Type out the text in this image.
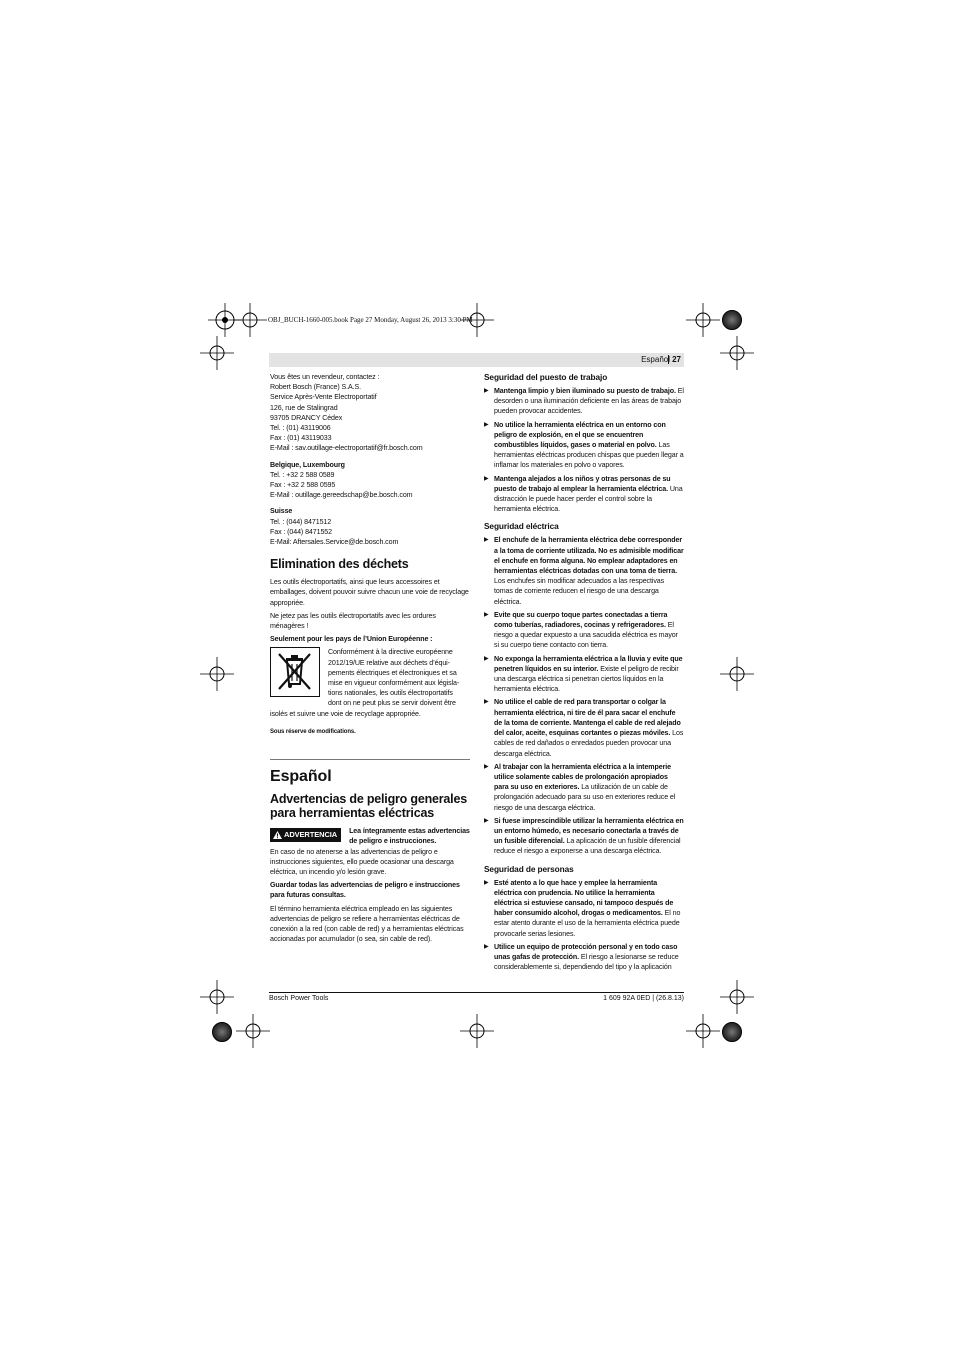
OBJ_BUCH-1660-005.book Page 27 Monday, August 26, 2013 3:30 PM
Español 27
Vous êtes un revendeur, contactez :
Robert Bosch (France) S.A.S.
Service Après-Vente Electroportatif
126, rue de Stalingrad
93705 DRANCY Cédex
Tel. : (01) 43119006
Fax : (01) 43119033
E-Mail : sav.outillage-electroportatif@fr.bosch.com
Belgique, Luxembourg
Tel. : +32 2 588 0589
Fax : +32 2 588 0595
E-Mail : outillage.gereedschap@be.bosch.com
Suisse
Tel. : (044) 8471512
Fax : (044) 8471552
E-Mail: Aftersales.Service@de.bosch.com
Elimination des déchets

Les outils électroportatifs, ainsi que leurs accessoires et emballages, doivent pouvoir suivre chacun une voie de recyclage appropriée.

Ne jetez pas les outils électroportatifs avec les ordures ménagères !

Seulement pour les pays de l’Union Européenne :

Conformément à la directive européenne
2012/19/UE relative aux déchets d’équi-
pements électriques et électroniques et sa
mise en vigueur conformément aux législa-
tions nationales, les outils électroportatifs
dont on ne peut plus se servir doivent être

isolés et suivre une voie de recyclage appropriée.

Sous réserve de modifications.

Español
Advertencias de peligro generales para herramientas eléctricas
ADVERTENCIA Lea íntegramente estas advertencias de peligro e instrucciones.

En caso de no atenerse a las advertencias de peligro e instrucciones siguientes, ello puede ocasionar una descarga eléctrica, un incendio y/o lesión grave.

Guardar todas las advertencias de peligro e instrucciones para futuras consultas.

El término herramienta eléctrica empleado en las siguientes advertencias de peligro se refiere a herramientas eléctricas de conexión a la red (con cable de red) y a herramientas eléctricas accionadas por acumulador (o sea, sin cable de red).

Seguridad del puesto de trabajo
▶ Mantenga limpio y bien iluminado su puesto de trabajo. El desorden o una iluminación deficiente en las áreas de trabajo pueden provocar accidentes.
▶ No utilice la herramienta eléctrica en un entorno con peligro de explosión, en el que se encuentren combustibles líquidos, gases o material en polvo. Las herramientas eléctricas producen chispas que pueden llegar a inflamar los materiales en polvo o vapores.
▶ Mantenga alejados a los niños y otras personas de su puesto de trabajo al emplear la herramienta eléctrica. Una distracción le puede hacer perder el control sobre la herramienta eléctrica.
Seguridad eléctrica
▶ El enchufe de la herramienta eléctrica debe corresponder a la toma de corriente utilizada. No es admisible modificar el enchufe en forma alguna. No emplear adaptadores en herramientas eléctricas dotadas con una toma de tierra. Los enchufes sin modificar adecuados a las respectivas tomas de corriente reducen el riesgo de una descarga eléctrica.
▶ Evite que su cuerpo toque partes conectadas a tierra como tuberías, radiadores, cocinas y refrigeradores. El riesgo a quedar expuesto a una sacudida eléctrica es mayor si su cuerpo tiene contacto con tierra.
▶ No exponga la herramienta eléctrica a la lluvia y evite que penetren líquidos en su interior. Existe el peligro de recibir una descarga eléctrica si penetran ciertos líquidos en la herramienta eléctrica.
▶ No utilice el cable de red para transportar o colgar la herramienta eléctrica, ni tire de él para sacar el enchufe de la toma de corriente. Mantenga el cable de red alejado del calor, aceite, esquinas cortantes o piezas móviles. Los cables de red dañados o enredados pueden provocar una descarga eléctrica.
▶ Al trabajar con la herramienta eléctrica a la intemperie utilice solamente cables de prolongación apropiados para su uso en exteriores. La utilización de un cable de prolongación adecuado para su uso en exteriores reduce el riesgo de una descarga eléctrica.
▶ Si fuese imprescindible utilizar la herramienta eléctrica en un entorno húmedo, es necesario conectarla a través de un fusible diferencial. La aplicación de un fusible diferencial reduce el riesgo a exponerse a una descarga eléctrica.
Seguridad de personas
▶ Esté atento a lo que hace y emplee la herramienta eléctrica con prudencia. No utilice la herramienta eléctrica si estuviese cansado, ni tampoco después de haber consumido alcohol, drogas o medicamentos. El no estar atento durante el uso de la herramienta eléctrica puede provocarle serias lesiones.
▶ Utilice un equipo de protección personal y en todo caso unas gafas de protección. El riesgo a lesionarse se reduce considerablemente si, dependiendo del tipo y la aplicación
Bosch Power Tools	1 609 92A 0ED | (26.8.13)
